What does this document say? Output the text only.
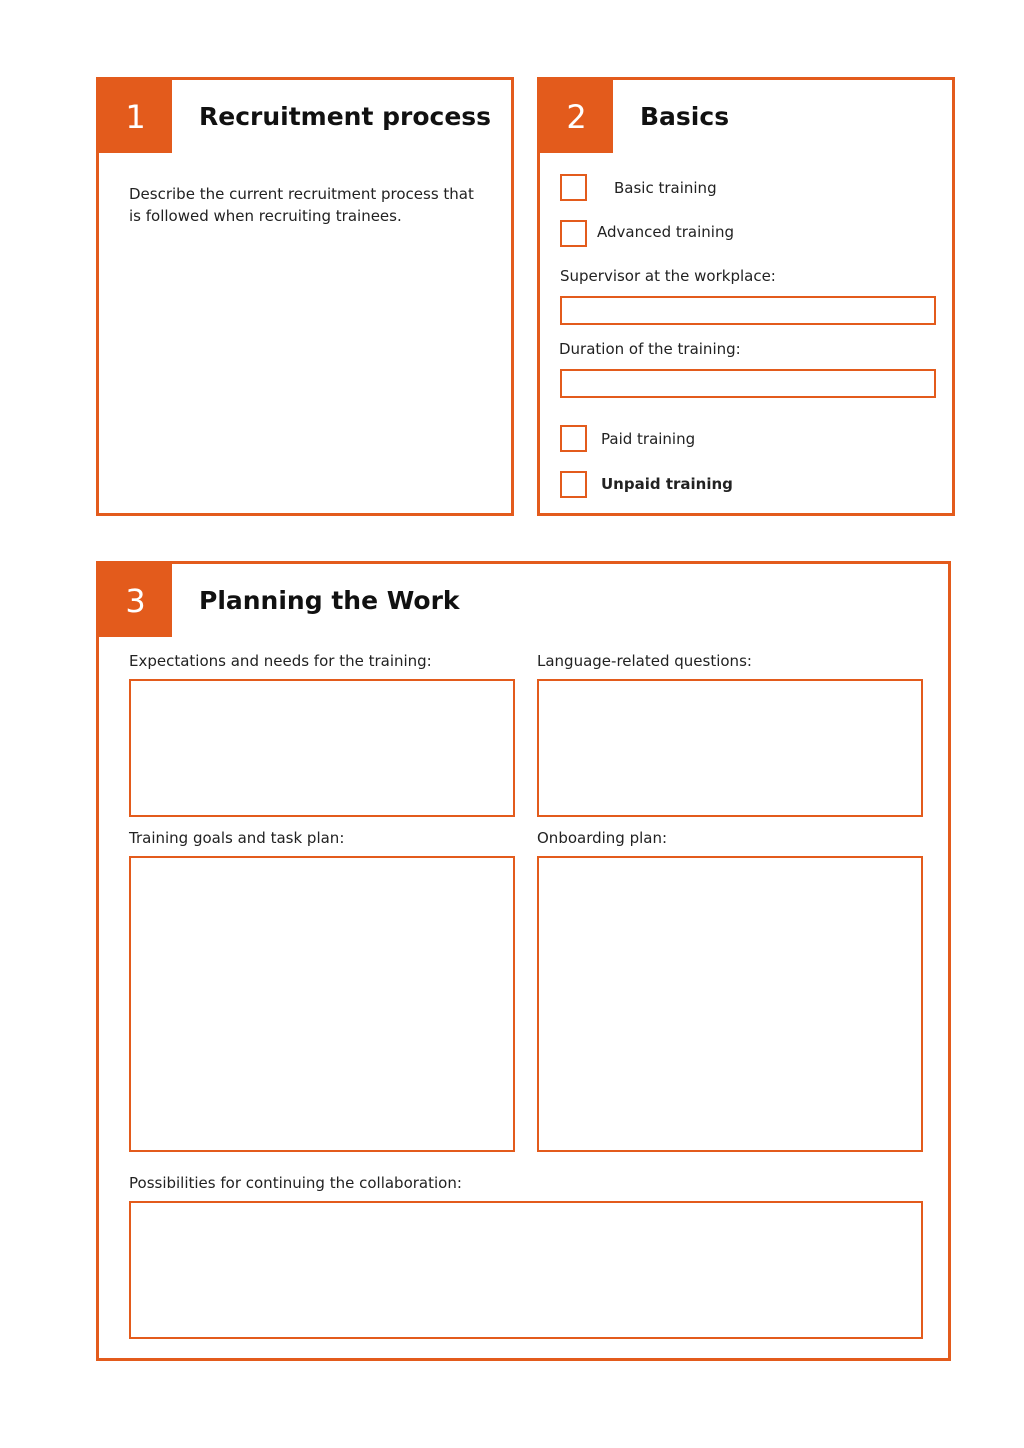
1	Recruitment process
Describe the current recruitment process that is followed when recruiting trainees.
2	Basics
Basic training
Advanced training
Supervisor at the workplace:
Duration of the training:
Paid training
Unpaid training
3	Planning the Work
Expectations and needs for the training:	Language-related questions:
Training goals and task plan:	Onboarding plan:
Possibilities for continuing the collaboration:
